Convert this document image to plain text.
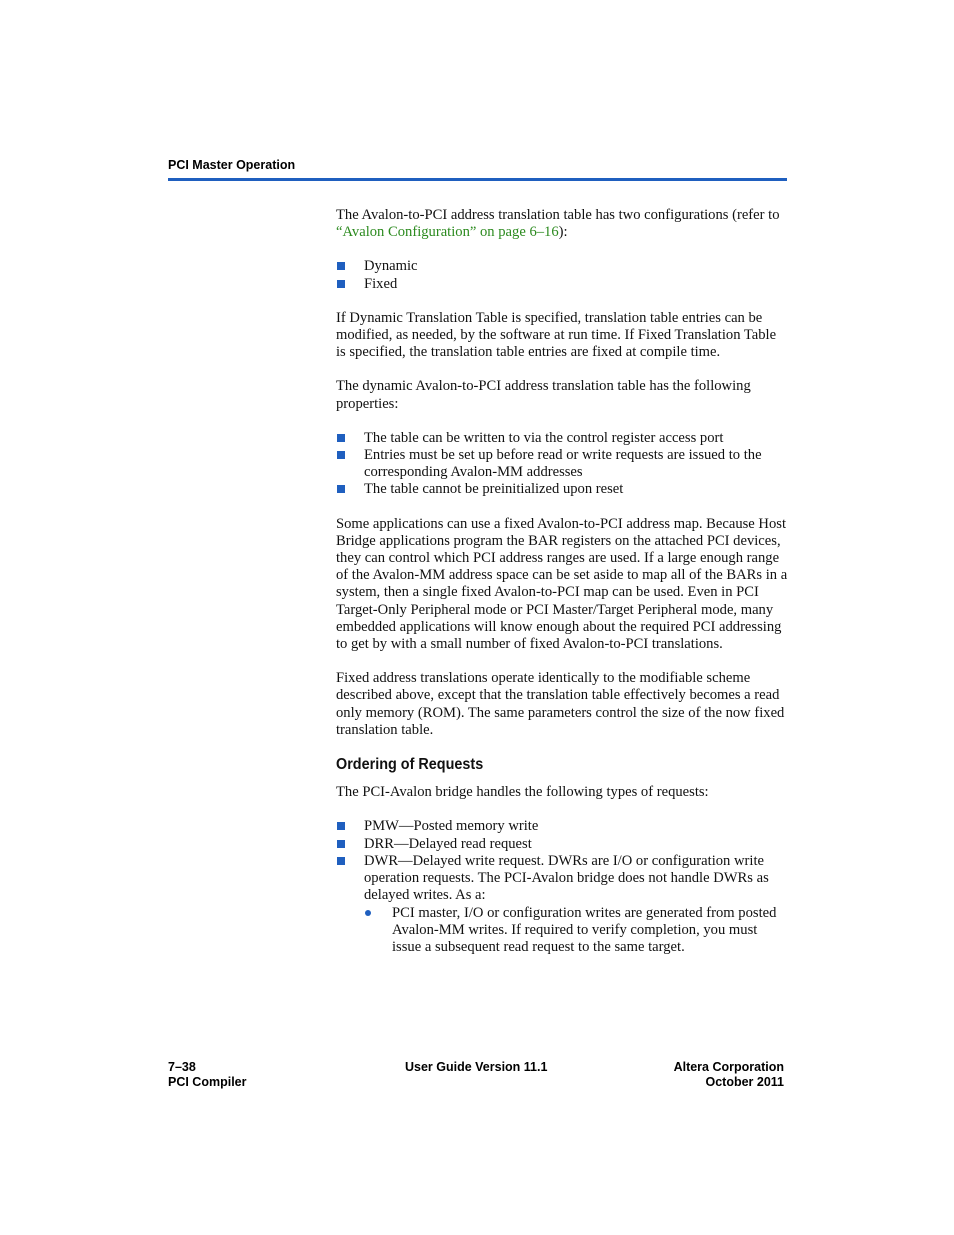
PCI Master Operation

The Avalon-to-PCI address translation table has two configurations (refer to “Avalon Configuration” on page 6–16):

Dynamic
Fixed

If Dynamic Translation Table is specified, translation table entries can be modified, as needed, by the software at run time. If Fixed Translation Table is specified, the translation table entries are fixed at compile time.

The dynamic Avalon-to-PCI address translation table has the following properties:

The table can be written to via the control register access port
Entries must be set up before read or write requests are issued to the corresponding Avalon-MM addresses
The table cannot be preinitialized upon reset

Some applications can use a fixed Avalon-to-PCI address map. Because Host Bridge applications program the BAR registers on the attached PCI devices, they can control which PCI address ranges are used. If a large enough range of the Avalon-MM address space can be set aside to map all of the BARs in a system, then a single fixed Avalon-to-PCI map can be used. Even in PCI Target-Only Peripheral mode or PCI Master/Target Peripheral mode, many embedded applications will know enough about the required PCI addressing to get by with a small number of fixed Avalon-to-PCI translations.

Fixed address translations operate identically to the modifiable scheme described above, except that the translation table effectively becomes a read only memory (ROM). The same parameters control the size of the now fixed translation table.

Ordering of Requests

The PCI-Avalon bridge handles the following types of requests:

PMW—Posted memory write
DRR—Delayed read request
DWR—Delayed write request. DWRs are I/O or configuration write operation requests. The PCI-Avalon bridge does not handle DWRs as delayed writes. As a:
PCI master, I/O or configuration writes are generated from posted Avalon-MM writes. If required to verify completion, you must issue a subsequent read request to the same target.
7–38
PCI Compiler
User Guide Version 11.1	Altera Corporation
October 2011
